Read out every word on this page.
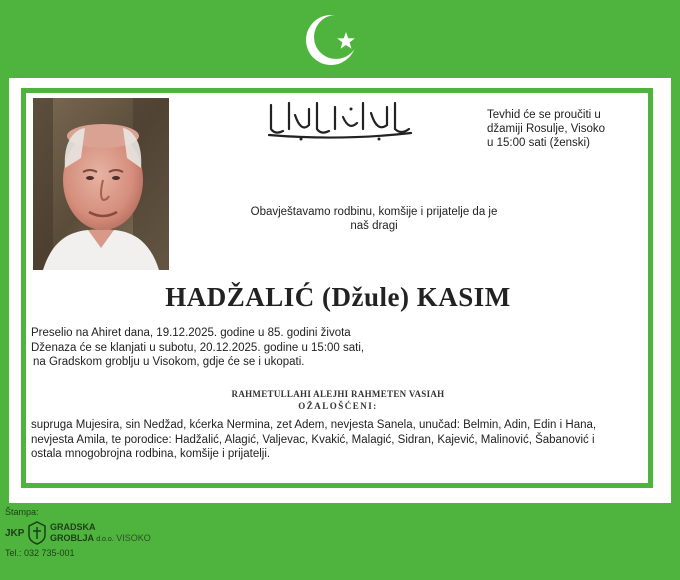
Tevhid će se proučiti u
džamiji Rosulje, Visoko
u 15:00 sati (ženski)
Obavještavamo rodbinu, komšije i prijatelje da je
naš dragi
HADŽALIĆ (Džule) KASIM
Preselio na Ahiret dana, 19.12.2025. godine u 85. godini života
Dženaza će se klanjati u subotu, 20.12.2025. godine u 15:00 sati,
na Gradskom groblju u Visokom, gdje će se i ukopati.
RAHMETULLAHI ALEJHI RAHMETEN VASIAH
OŽALOŠĆENI:
supruga Mujesira, sin Nedžad, kćerka Nermina, zet Adem, nevjesta Sanela, unučad: Belmin, Adin, Edin i Hana,
nevjesta Amila, te porodice: Hadžalić, Alagić, Valjevac, Kvakić, Malagić, Sidran, Kajević, Malinović, Šabanović i
ostala mnogobrojna rodbina, komšije i prijatelji.
Štampa:
JKP
GRADSKA
GROBLJA d.o.o. VISOKO
Tel.: 032 735-001
